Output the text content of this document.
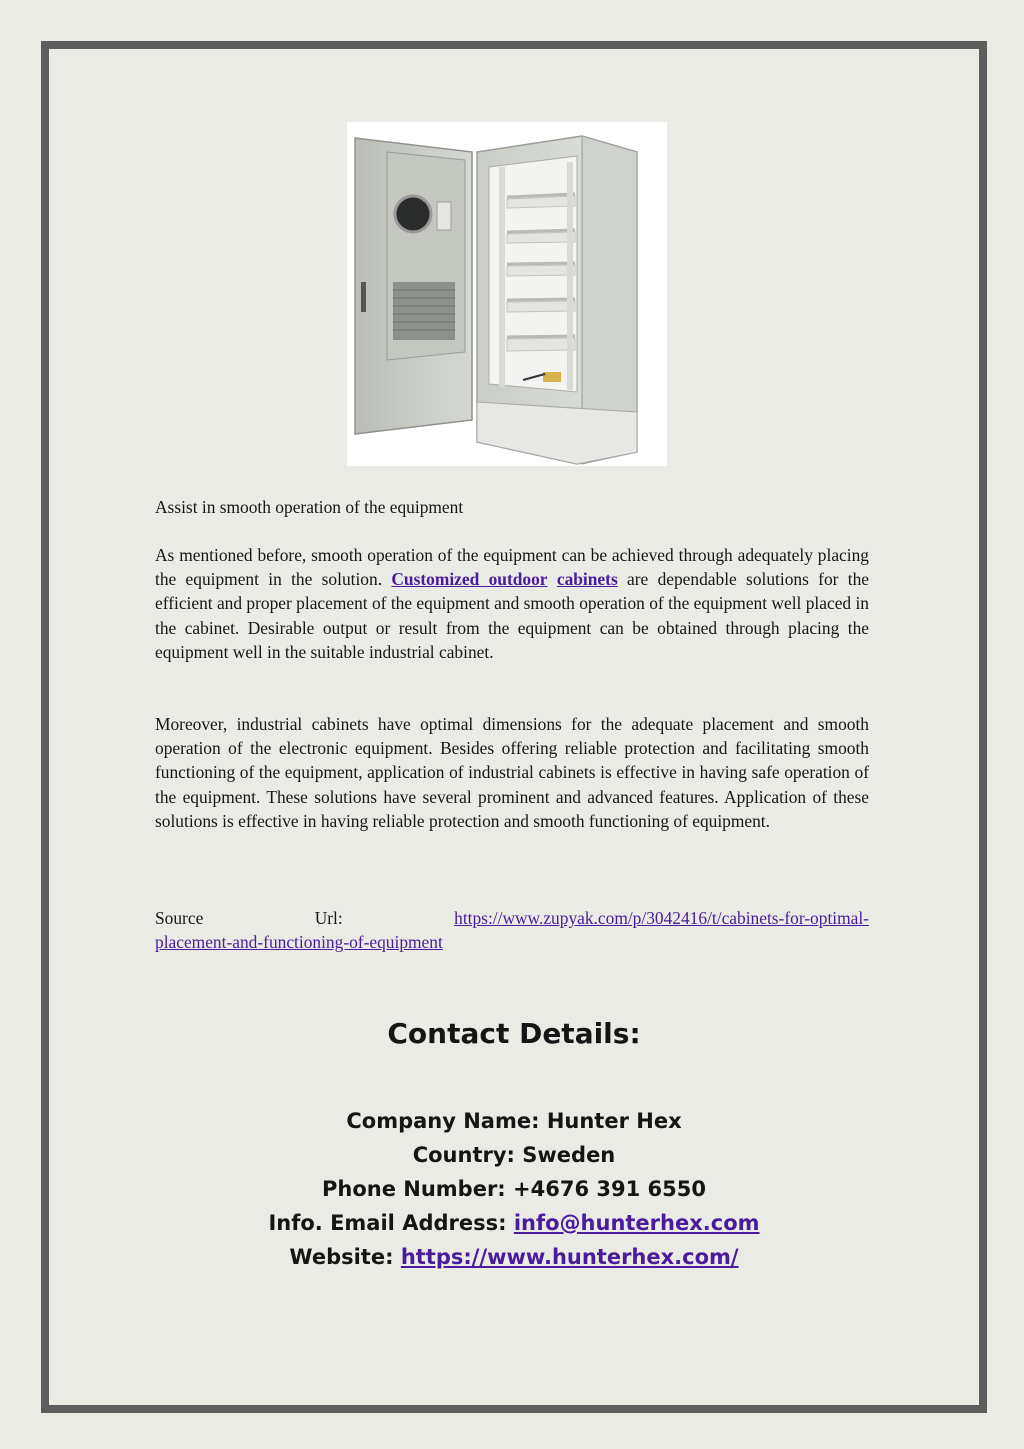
Assist in smooth operation of the equipment
As mentioned before, smooth operation of the equipment can be achieved through adequately placing the equipment in the solution. Customized outdoor cabinets are dependable solutions for the efficient and proper placement of the equipment and smooth operation of the equipment well placed in the cabinet. Desirable output or result from the equipment can be obtained through placing the equipment well in the suitable industrial cabinet.
Moreover, industrial cabinets have optimal dimensions for the adequate placement and smooth operation of the electronic equipment. Besides offering reliable protection and facilitating smooth functioning of the equipment, application of industrial cabinets is effective in having safe operation of the equipment. These solutions have several prominent and advanced features. Application of these solutions is effective in having reliable protection and smooth functioning of equipment.
Source	Url:	https://www.zupyak.com/p/3042416/t/cabinets-for-optimal-
placement-and-functioning-of-equipment
Contact Details:
Company Name: Hunter Hex
Country: Sweden
Phone Number: +4676 391 6550
Info. Email Address: info@hunterhex.com
Website: https://www.hunterhex.com/
